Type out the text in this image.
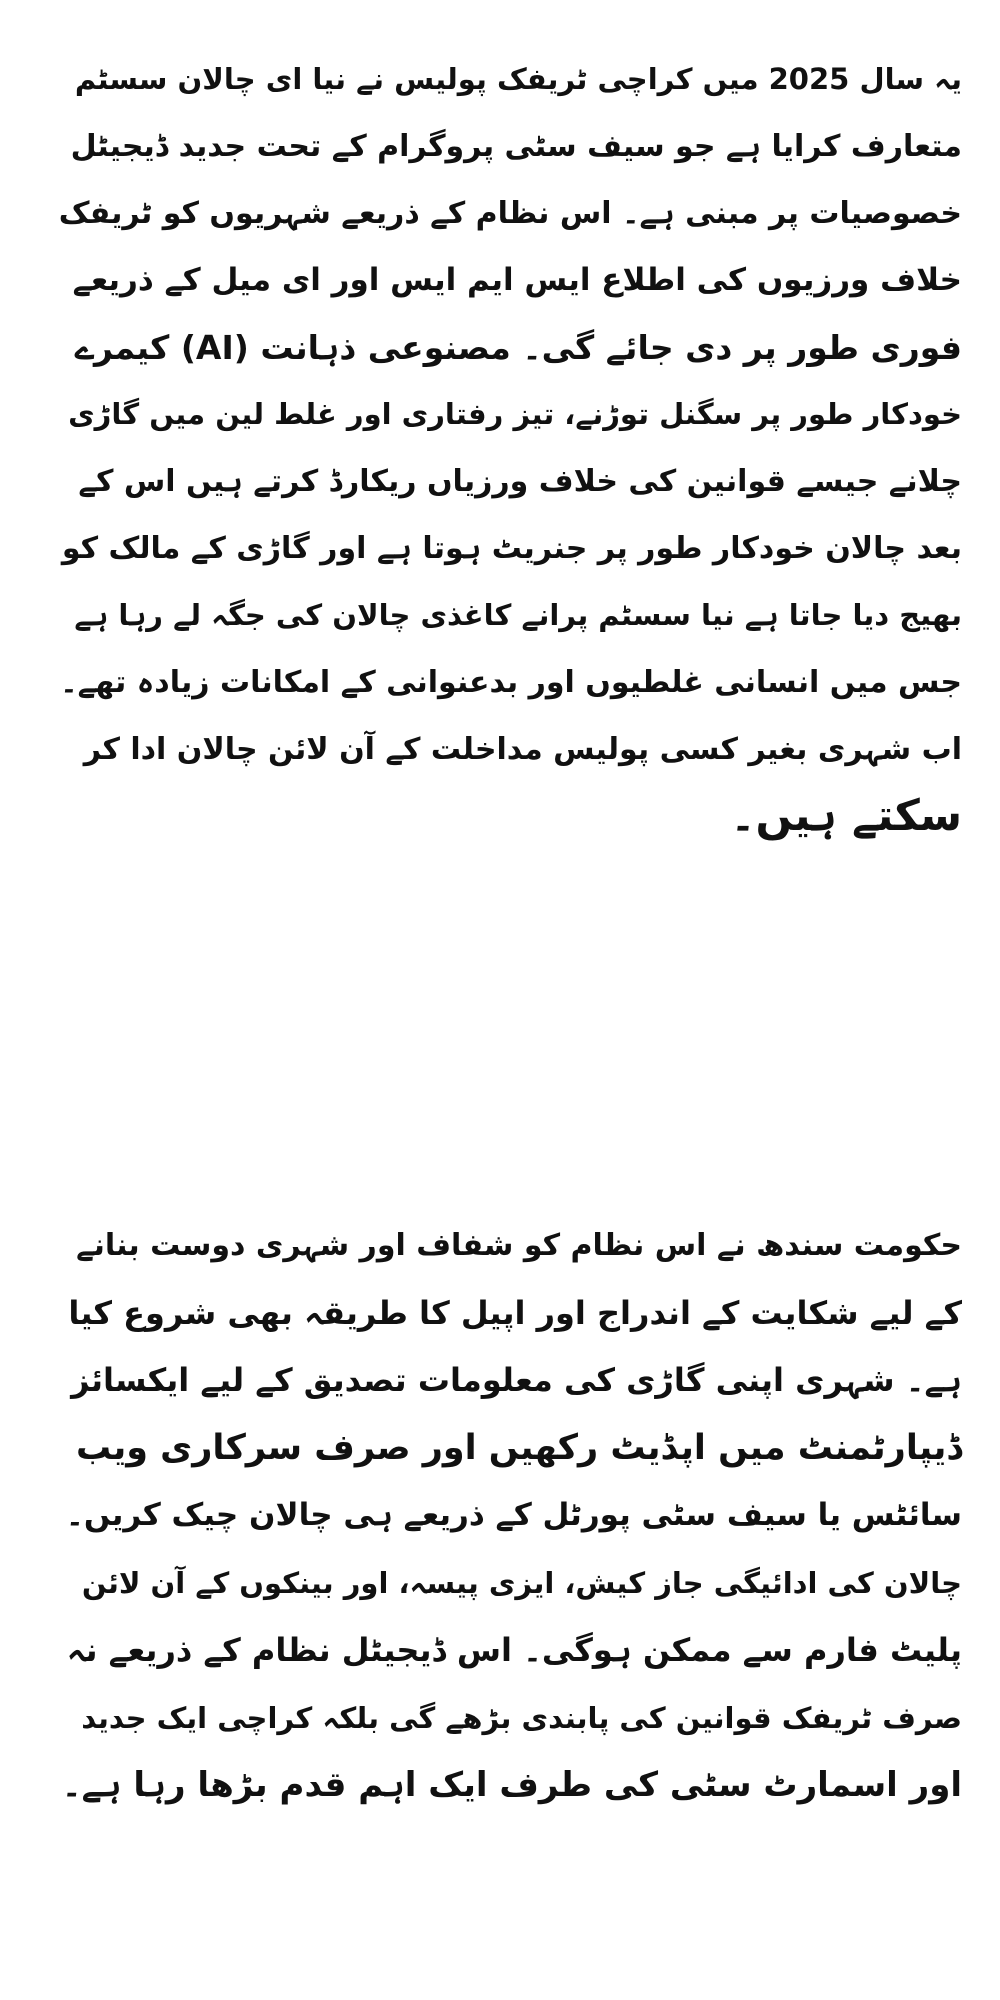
یہ سال 2025 میں کراچی ٹریفک پولیس نے نیا ای چالان سسٹم
متعارف کرایا ہے جو سیف سٹی پروگرام کے تحت جدید ڈیجیٹل
خصوصیات پر مبنی ہے۔ اس نظام کے ذریعے شہریوں کو ٹریفک
خلاف ورزیوں کی اطلاع ایس ایم ایس اور ای میل کے ذریعے
فوری طور پر دی جائے گی۔ مصنوعی ذہانت (AI) کیمرے
خودکار طور پر سگنل توڑنے، تیز رفتاری اور غلط لین میں گاڑی
چلانے جیسے قوانین کی خلاف ورزیاں ریکارڈ کرتے ہیں اس کے
بعد چالان خودکار طور پر جنریٹ ہوتا ہے اور گاڑی کے مالک کو
بھیج دیا جاتا ہے نیا سسٹم پرانے کاغذی چالان کی جگہ لے رہا ہے
جس میں انسانی غلطیوں اور بدعنوانی کے امکانات زیادہ تھے۔
اب شہری بغیر کسی پولیس مداخلت کے آن لائن چالان ادا کر
سکتے ہیں۔
حکومت سندھ نے اس نظام کو شفاف اور شہری دوست بنانے
کے لیے شکایت کے اندراج اور اپیل کا طریقہ بھی شروع کیا
ہے۔ شہری اپنی گاڑی کی معلومات تصدیق کے لیے ایکسائز
ڈیپارٹمنٹ میں اپڈیٹ رکھیں اور صرف سرکاری ویب
سائٹس یا سیف سٹی پورٹل کے ذریعے ہی چالان چیک کریں۔
چالان کی ادائیگی جاز کیش، ایزی پیسہ، اور بینکوں کے آن لائن
پلیٹ فارم سے ممکن ہوگی۔ اس ڈیجیٹل نظام کے ذریعے نہ
صرف ٹریفک قوانین کی پابندی بڑھے گی بلکہ کراچی ایک جدید
اور اسمارٹ سٹی کی طرف ایک اہم قدم بڑھا رہا ہے۔
